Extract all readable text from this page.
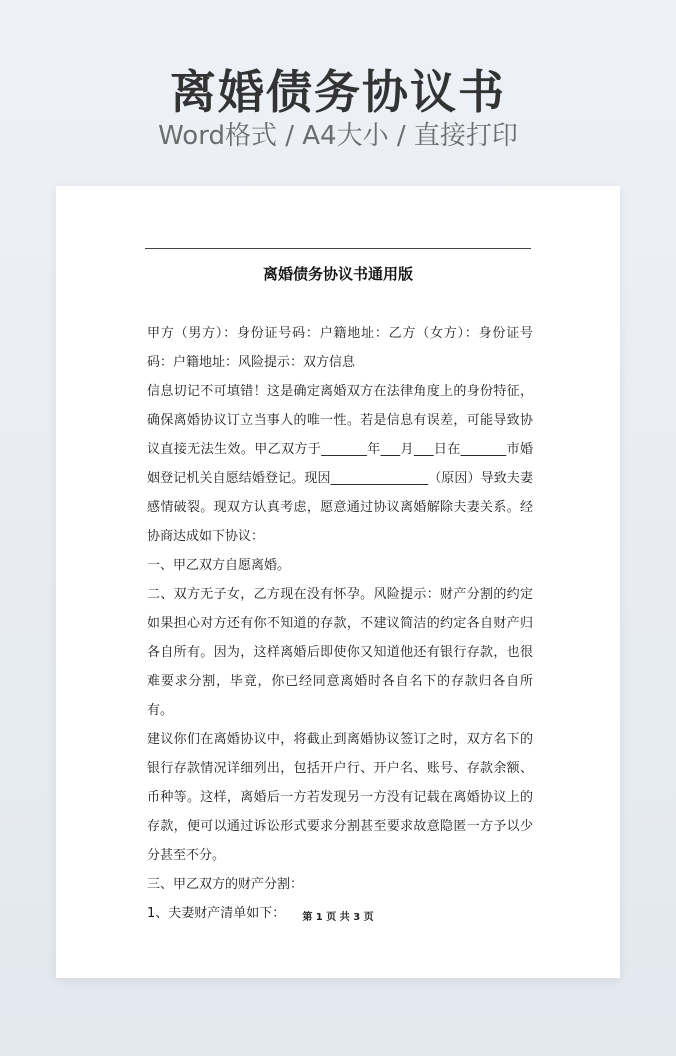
离婚债务协议书
Word格式 / A4大小 / 直接打印
离婚债务协议书通用版

甲方（男方）：身份证号码：户籍地址：乙方（女方）：身份证号码：户籍地址：风险提示：双方信息

信息切记不可填错！这是确定离婚双方在法律角度上的身份特征，确保离婚协议订立当事人的唯一性。若是信息有误差，可能导致协议直接无法生效。甲乙双方于_______年___月___日在_______市婚姻登记机关自愿结婚登记。现因_______________（原因）导致夫妻感情破裂。现双方认真考虑，愿意通过协议离婚解除夫妻关系。经协商达成如下协议：

一、甲乙双方自愿离婚。

二、双方无子女，乙方现在没有怀孕。风险提示：财产分割的约定如果担心对方还有你不知道的存款，不建议简洁的约定各自财产归各自所有。因为，这样离婚后即使你又知道他还有银行存款，也很难要求分割，毕竟，你已经同意离婚时各自名下的存款归各自所有。

建议你们在离婚协议中，将截止到离婚协议签订之时，双方名下的银行存款情况详细列出，包括开户行、开户名、账号、存款余额、币种等。这样，离婚后一方若发现另一方没有记载在离婚协议上的存款，便可以通过诉讼形式要求分割甚至要求故意隐匿一方予以少分甚至不分。

三、甲乙双方的财产分割：

1、夫妻财产清单如下：	第 1 页 共 3 页
